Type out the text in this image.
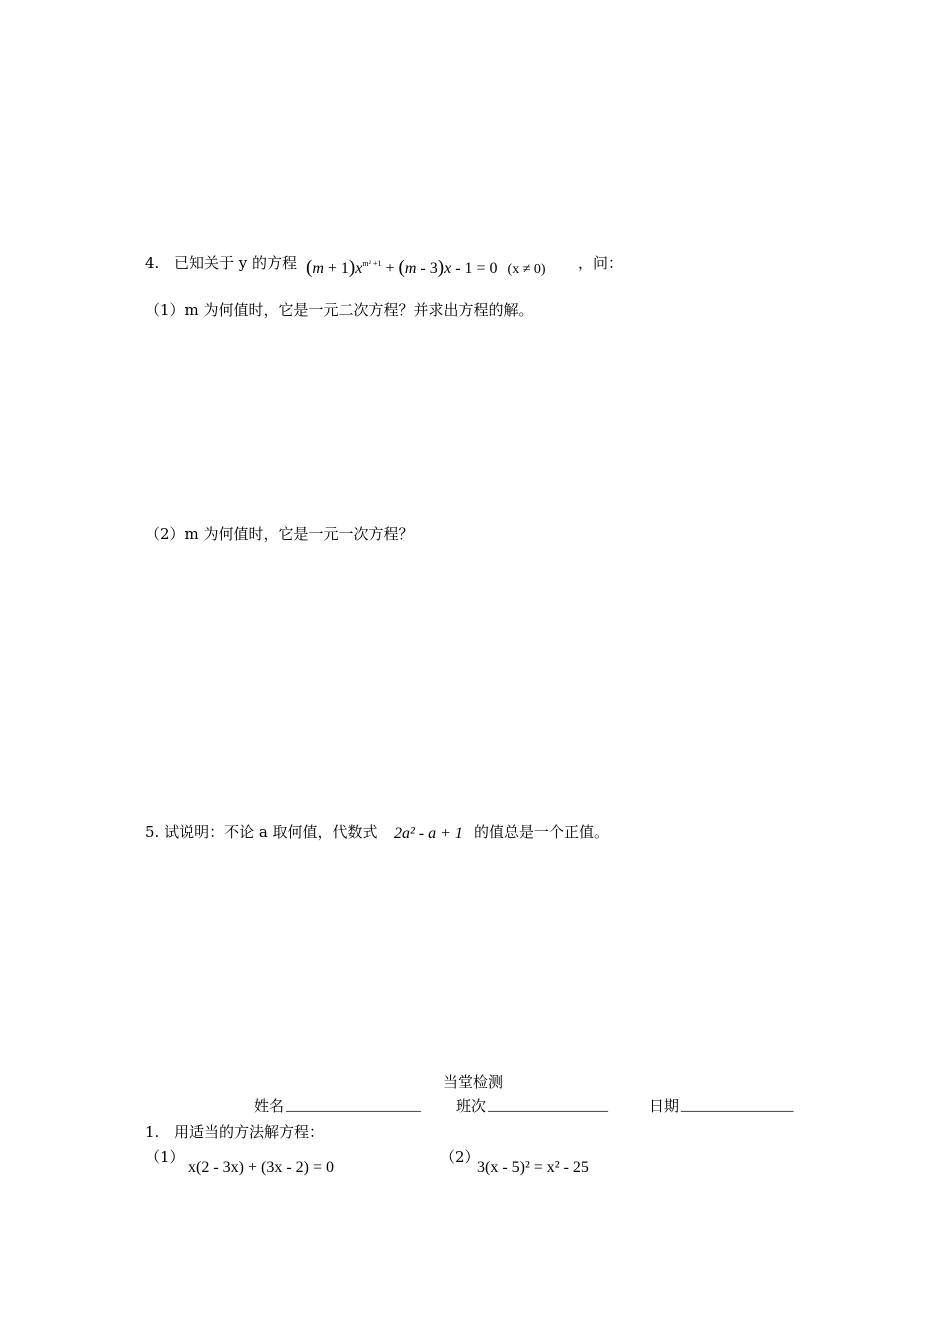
4. 已知关于 y 的方程 $(m + 1)x^{m^2 +1} + (m - 3)x - 1 = 0$ (x ≠ 0) ，问：
（1）m 为何值时，它是一元二次方程？并求出方程的解。
（2）m 为何值时，它是一元一次方程？
5. 试说明：不论 a 取何值，代数式 2a² - a + 1 的值总是一个正值。
当堂检测
姓名 __________________ 班次 ________________	日期 _______________
1. 用适当的方法解方程：
（1）
x(2 - 3x) + (3x - 2) = 0
（2）
3(x - 5)² = x² - 25
